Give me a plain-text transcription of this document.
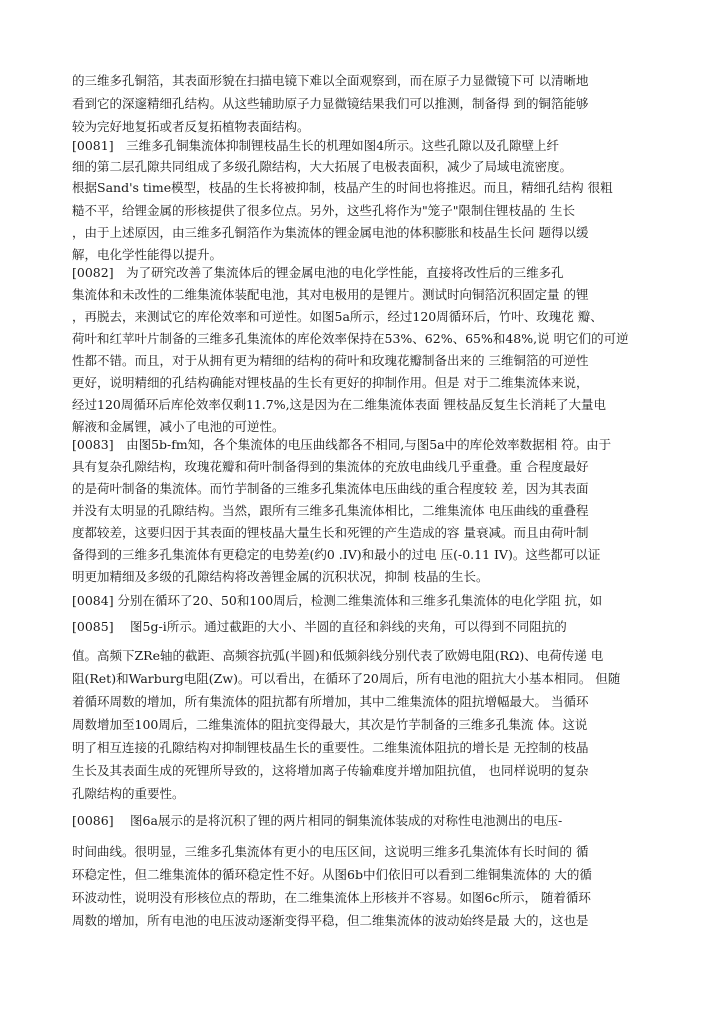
的三维多孔铜箔，其表面形貌在扫描电镜下难以全面观察到，而在原子力显微镜下可 以清晰地
看到它的深邃精细孔结构。从这些辅助原子力显微镜结果我们可以推测，制备得 到的铜箔能够
较为完好地复拓或者反复拓植物表面结构。
[0081]　三维多孔铜集流体抑制锂枝晶生长的机理如图4所示。这些孔隙以及孔隙壁上纤
细的第二层孔隙共同组成了多级孔隙结构，大大拓展了电极表面积，减少了局域电流密度。
根据Sand's time模型，枝晶的生长将被抑制，枝晶产生的时间也将推迟。而且，精细孔结构 很粗
糙不平，给锂金属的形核提供了很多位点。另外，这些孔将作为"笼子"限制住锂枝晶的 生长
，由于上述原因，由三维多孔铜箔作为集流体的锂金属电池的体积膨胀和枝晶生长问 题得以缓
解，电化学性能得以提升。
[0082]　为了研究改善了集流体后的锂金属电池的电化学性能，直接将改性后的三维多孔
集流体和未改性的二维集流体装配电池，其对电极用的是锂片。测试时向铜箔沉积固定量 的锂
，再脱去，来测试它的库伦效率和可逆性。如图5a所示，经过120周循环后，竹叶、玫瑰花 瓣、
荷叶和红苹叶片制备的三维多孔集流体的库伦效率保持在53%、62%、65%和48%,说 明它们的可逆
性都不错。而且，对于从拥有更为精细的结构的荷叶和玫瑰花瓣制备出来的 三维铜箔的可逆性
更好，说明精细的孔结构确能对锂枝晶的生长有更好的抑制作用。但是 对于二维集流体来说，
经过120周循环后库伦效率仅剩11.7%,这是因为在二维集流体表面 锂枝晶反复生长消耗了大量电
解液和金属锂，减小了电池的可逆性。
[0083]　由图5b-fm知，各个集流体的电压曲线都各不相同,与图5a中的库伦效率数据相 符。由于
具有复杂孔隙结构，玫瑰花瓣和荷叶制备得到的集流体的充放电曲线几乎重叠。重 合程度最好
的是荷叶制备的集流体。而竹芋制备的三维多孔集流体电压曲线的重合程度较 差，因为其表面
并没有太明显的孔隙结构。当然，跟所有三维多孔集流体相比，二维集流体 电压曲线的重叠程
度都较差，这要归因于其表面的锂枝晶大量生长和死锂的产生造成的容 量衰减。而且由荷叶制
备得到的三维多孔集流体有更稳定的电势差(约0 .IV)和最小的过电 压(-0.11 IV)。这些都可以证
明更加精细及多级的孔隙结构将改善锂金属的沉积状况，抑制 枝晶的生长。
[0084] 分别在循环了20、50和100周后，检测二维集流体和三维多孔集流体的电化学阻 抗，如
[0085]　 图5g-i所示。通过截距的大小、半圆的直径和斜线的夹角，可以得到不同阻抗的
值。高频下ZRe轴的截距、高频容抗弧(半圆)和低频斜线分别代表了欧姆电阻(RΩ)、电荷传递 电
阻(Ret)和Warburg电阻(Zw)。可以看出，在循环了20周后，所有电池的阻抗大小基本相同。 但随
着循环周数的增加，所有集流体的阻抗都有所增加，其中二维集流体的阻抗增幅最大。 当循环
周数增加至100周后，二维集流体的阻抗变得最大，其次是竹芋制备的三维多孔集流 体。这说
明了相互连接的孔隙结构对抑制锂枝晶生长的重要性。二维集流体阻抗的增长是 无控制的枝晶
生长及其表面生成的死锂所导致的，这将增加离子传输难度并增加阻抗值， 也同样说明的复杂
孔隙结构的重要性。
[0086]　 图6a展示的是将沉积了锂的两片相同的铜集流体装成的对称性电池测出的电压-
时间曲线。很明显，三维多孔集流体有更小的电压区间，这说明三维多孔集流体有长时间的 循
环稳定性，但二维集流体的循环稳定性不好。从图6b中们依旧可以看到二维铜集流体的 大的循
环波动性，说明没有形核位点的帮助，在二维集流体上形核并不容易。如图6c所示， 随着循环
周数的增加，所有电池的电压波动逐渐变得平稳，但二维集流体的波动始终是最 大的，这也是
